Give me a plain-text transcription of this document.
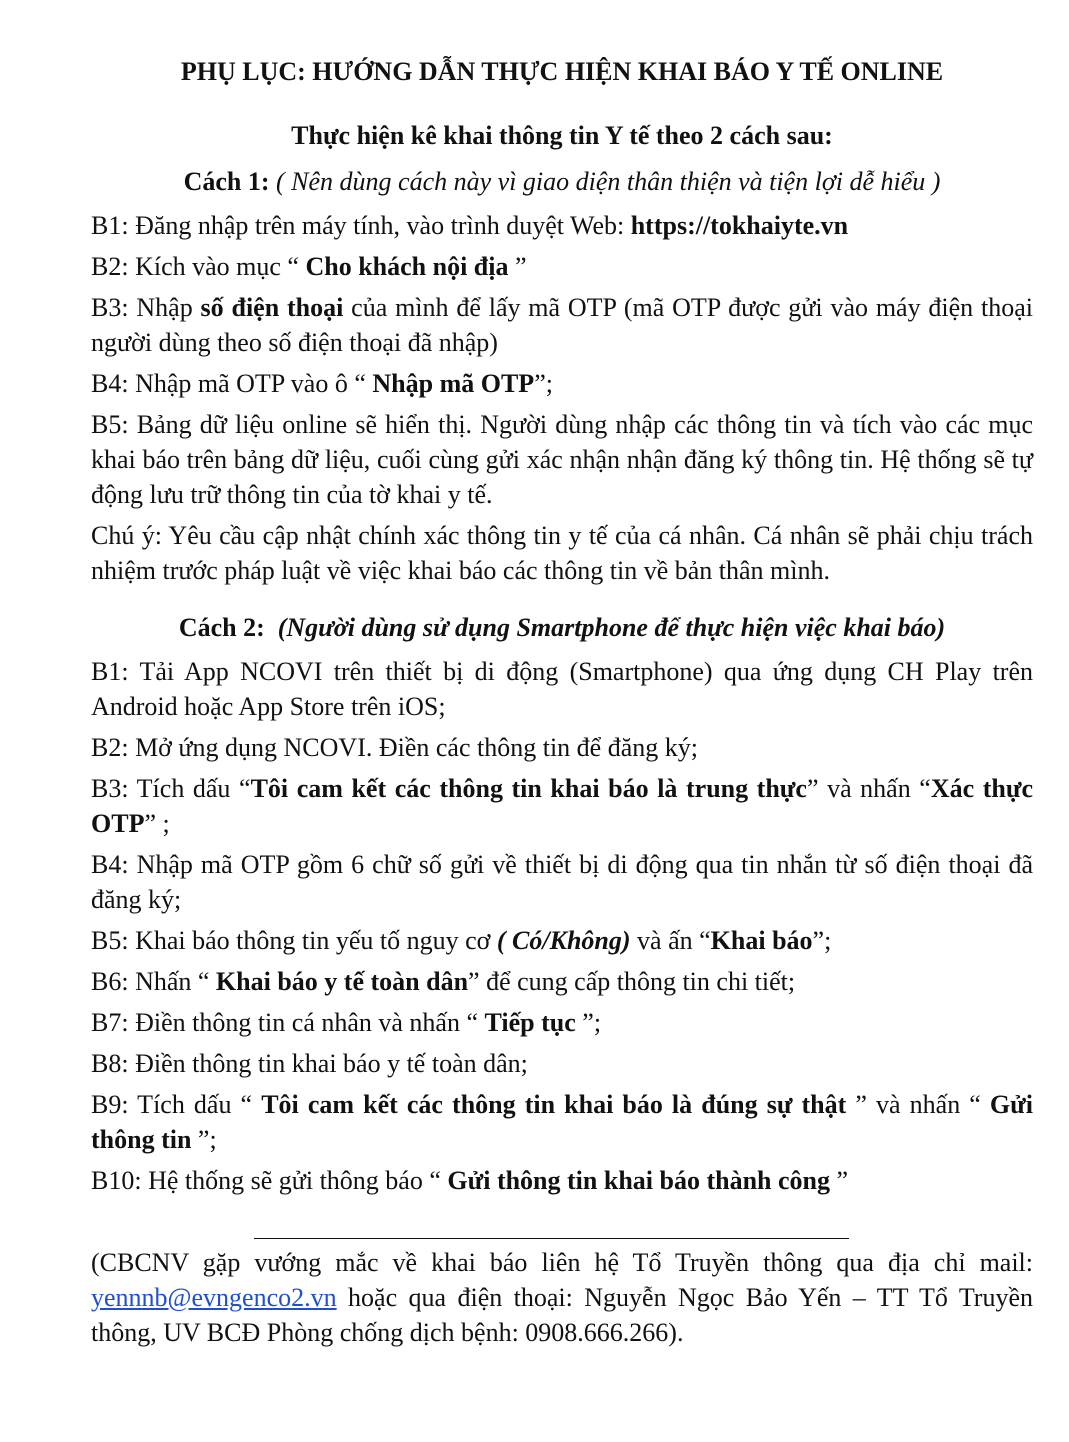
PHỤ LỤC: HƯỚNG DẪN THỰC HIỆN KHAI BÁO Y TẾ ONLINE
Thực hiện kê khai thông tin Y tế theo 2 cách sau:
Cách 1: ( Nên dùng cách này vì giao diện thân thiện và tiện lợi dễ hiểu )
B1: Đăng nhập trên máy tính, vào trình duyệt Web: https://tokhaiyte.vn
B2: Kích vào mục “ Cho khách nội địa ”
B3: Nhập số điện thoại của mình để lấy mã OTP (mã OTP được gửi vào máy điện thoại người dùng theo số điện thoại đã nhập)
B4: Nhập mã OTP vào ô “ Nhập mã OTP”;
B5: Bảng dữ liệu online sẽ hiển thị. Người dùng nhập các thông tin và tích vào các mục khai báo trên bảng dữ liệu, cuối cùng gửi xác nhận nhận đăng ký thông tin. Hệ thống sẽ tự động lưu trữ thông tin của tờ khai y tế.
Chú ý: Yêu cầu cập nhật chính xác thông tin y tế của cá nhân. Cá nhân sẽ phải chịu trách nhiệm trước pháp luật về việc khai báo các thông tin về bản thân mình.
Cách 2: (Người dùng sử dụng Smartphone để thực hiện việc khai báo)
B1: Tải App NCOVI trên thiết bị di động (Smartphone) qua ứng dụng CH Play trên Android hoặc App Store trên iOS;
B2: Mở ứng dụng NCOVI. Điền các thông tin để đăng ký;
B3: Tích dấu “Tôi cam kết các thông tin khai báo là trung thực” và nhấn “Xác thực OTP” ;
B4: Nhập mã OTP gồm 6 chữ số gửi về thiết bị di động qua tin nhắn từ số điện thoại đã đăng ký;
B5: Khai báo thông tin yếu tố nguy cơ ( Có/Không) và ấn “Khai báo”;
B6: Nhấn “ Khai báo y tế toàn dân” để cung cấp thông tin chi tiết;
B7: Điền thông tin cá nhân và nhấn “ Tiếp tục ”;
B8: Điền thông tin khai báo y tế toàn dân;
B9: Tích dấu “ Tôi cam kết các thông tin khai báo là đúng sự thật ” và nhấn “ Gửi thông tin ”;
B10: Hệ thống sẽ gửi thông báo “ Gửi thông tin khai báo thành công ”
(CBCNV gặp vướng mắc về khai báo liên hệ Tổ Truyền thông qua địa chỉ mail: yennnb@evngenco2.vn hoặc qua điện thoại: Nguyễn Ngọc Bảo Yến – TT Tổ Truyền thông, UV BCĐ Phòng chống dịch bệnh: 0908.666.266).
